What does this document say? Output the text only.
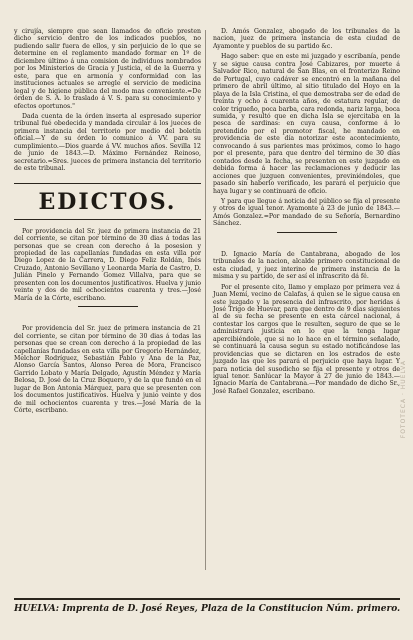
y cirujía, siempre que sean llamados de oficio presten dicho servicio dentro de los indicados pueblos, no pudiendo salir fuera de ellos, y sin perjuicio de lo que se determine en el reglamento mandado formar en 1º de diciembre último á una comision de individuos nombrados por los Ministerios de Gracia y Justicia, el de la Guerra y este, para que en armonía y conformidad con las instituciones actuales se arregle el servicio de medicina legal y de higiene pública del modo mas conveniente.=De órden de S. A. lo traslado á V. S. para su conocimiento y efectos oportunos."

Dada cuenta de la órden inserta al espresado superior tribunal fué obedecida y mandada circular á los jueces de primera instancia del territorio por medio del boletín oficial.—Y de su órden lo comunico á VV. para su cumplimiento.—Dios guarde á VV. muchos años. Sevilla 12 de junio de 1843.—D. Máximo Fernández Reinoso, secretario.=Sres. jueces de primera instancia del territorio de este tribunal.

EDICTOS.

Por providencia del Sr. juez de primera instancia de 21 del corriente, se citan por término de 30 dias á todas las personas que se crean con derecho á la posesion y propiedad de las capellanías fundadas en esta villa por Diego Lopez de la Carrera, D. Diego Feliz Roldán, Inés Cruzado, Antonio Sevillano y Leonarda María de Castro, D. Julián Pinelo y Fernando Gomez Villalva, para que se presenten con los documentos justificativos. Huelva y junio veinte y dos de mil ochocientos cuarenta y tres.—José María de la Córte, escribano.

Por providencia del Sr. juez de primera instancia de 21 del corriente, se citan por término de 30 dias á todas las personas que se crean con derecho á la propiedad de las capellanías fundadas en esta villa por Gregorio Hernández, Melchor Rodríguez, Sebastián Pablo y Ana de la Paz, Alonso García Santos, Alonso Perea de Mora, Francisco Garrido Lobato y María Delgado, Agustín Méndez y María Belosa, D. José de la Cruz Boquero, y de la que fundó en el lugar de Bon Antonia Márquez, para que se presenten con los documentos justificativos. Huelva y junio veinte y dos de mil ochocientos cuarenta y tres.—José María de la Córte, escribano.

D. Amós Gonzalez, abogado de los tribunales de la nacion, juez de primera instancia de esta ciudad de Ayamonte y pueblos de su partido &c.

Hago saber: que en este mi juzgado y escribanía, pende y se sigue causa contra José Cabizares, por muerte á Salvador Rico, natural de San Blas, en el fronterizo Reino de Portugal, cuyo cadáver se encontró en la mañana del primero de abril último, al sitio titulado del Hoyo en la playa de la Isla Cristina, el que demostraba ser de edad de treinta y ocho á cuarenta años, de estatura regular, de color trigueño, poca barba, cara redonda, nariz larga, boca sumida, y resultó que en dicha Isla se ejercitaba en la pesca de sardinas: en cuya causa, conforme á lo pretendido por el promotor fiscal, he mandado en providencia de este día notorizar este acontecimiento, convocando á sus parientes mas próximos, como lo hago por el presente, para que dentro del término de 30 dias contados desde la fecha, se presenten en este juzgado en debida forma á hacer las reclamaciones y deducir las acciones que juzguen convenientes, previniéndoles, que pasado sin haberlo verificado, les parará el perjuicio que haya lugar y se continuará de oficio.

Y para que llegue á noticia del público se fija el presente y otros de igual tenor. Ayamonte á 23 de junio de 1843.—Amós Gonzalez.=Por mandado de su Señoría, Bernardino Sánchez.

D. Ignacio María de Cantabrana, abogado de los tribunales de la nacion, alcalde primero constitucional de esta ciudad, y juez interino de primera instancia de la misma y su partido, de ser así el infrascrito dá fé.

Por el presente cito, llamo y emplazo por primera vez á Juan Memí, vecino de Calafas, á quien se le sigue causa en este juzgado y la presencia del infrascrito, por heridas á José Trigo de Huevar, para que dentro de 9 dias siguientes al de su fecha se presente en esta cárcel nacional, á contestar los cargos que le resulten, seguro de que se le administrará justicia en lo que la tenga lugar apercibiéndole, que si no lo hace en el término señalado, se continuará la causa segun su estado notificándose las providencias que se dictaren en los estrados de este juzgado las que les parará el perjuicio que haya lugar. Y para noticia del susodicho se fija el presente y otros de igual tenor. Sanlúcar la Mayor á 27 de junio de 1843.—Ignacio María de Cantabrana.—Por mandado de dicho Sr., José Rafael Gonzalez, escribano.

HUELVA: Imprenta de D. José Reyes, Plaza de la Constitucion Núm. primero.
FOTOTECA · HUELVA
